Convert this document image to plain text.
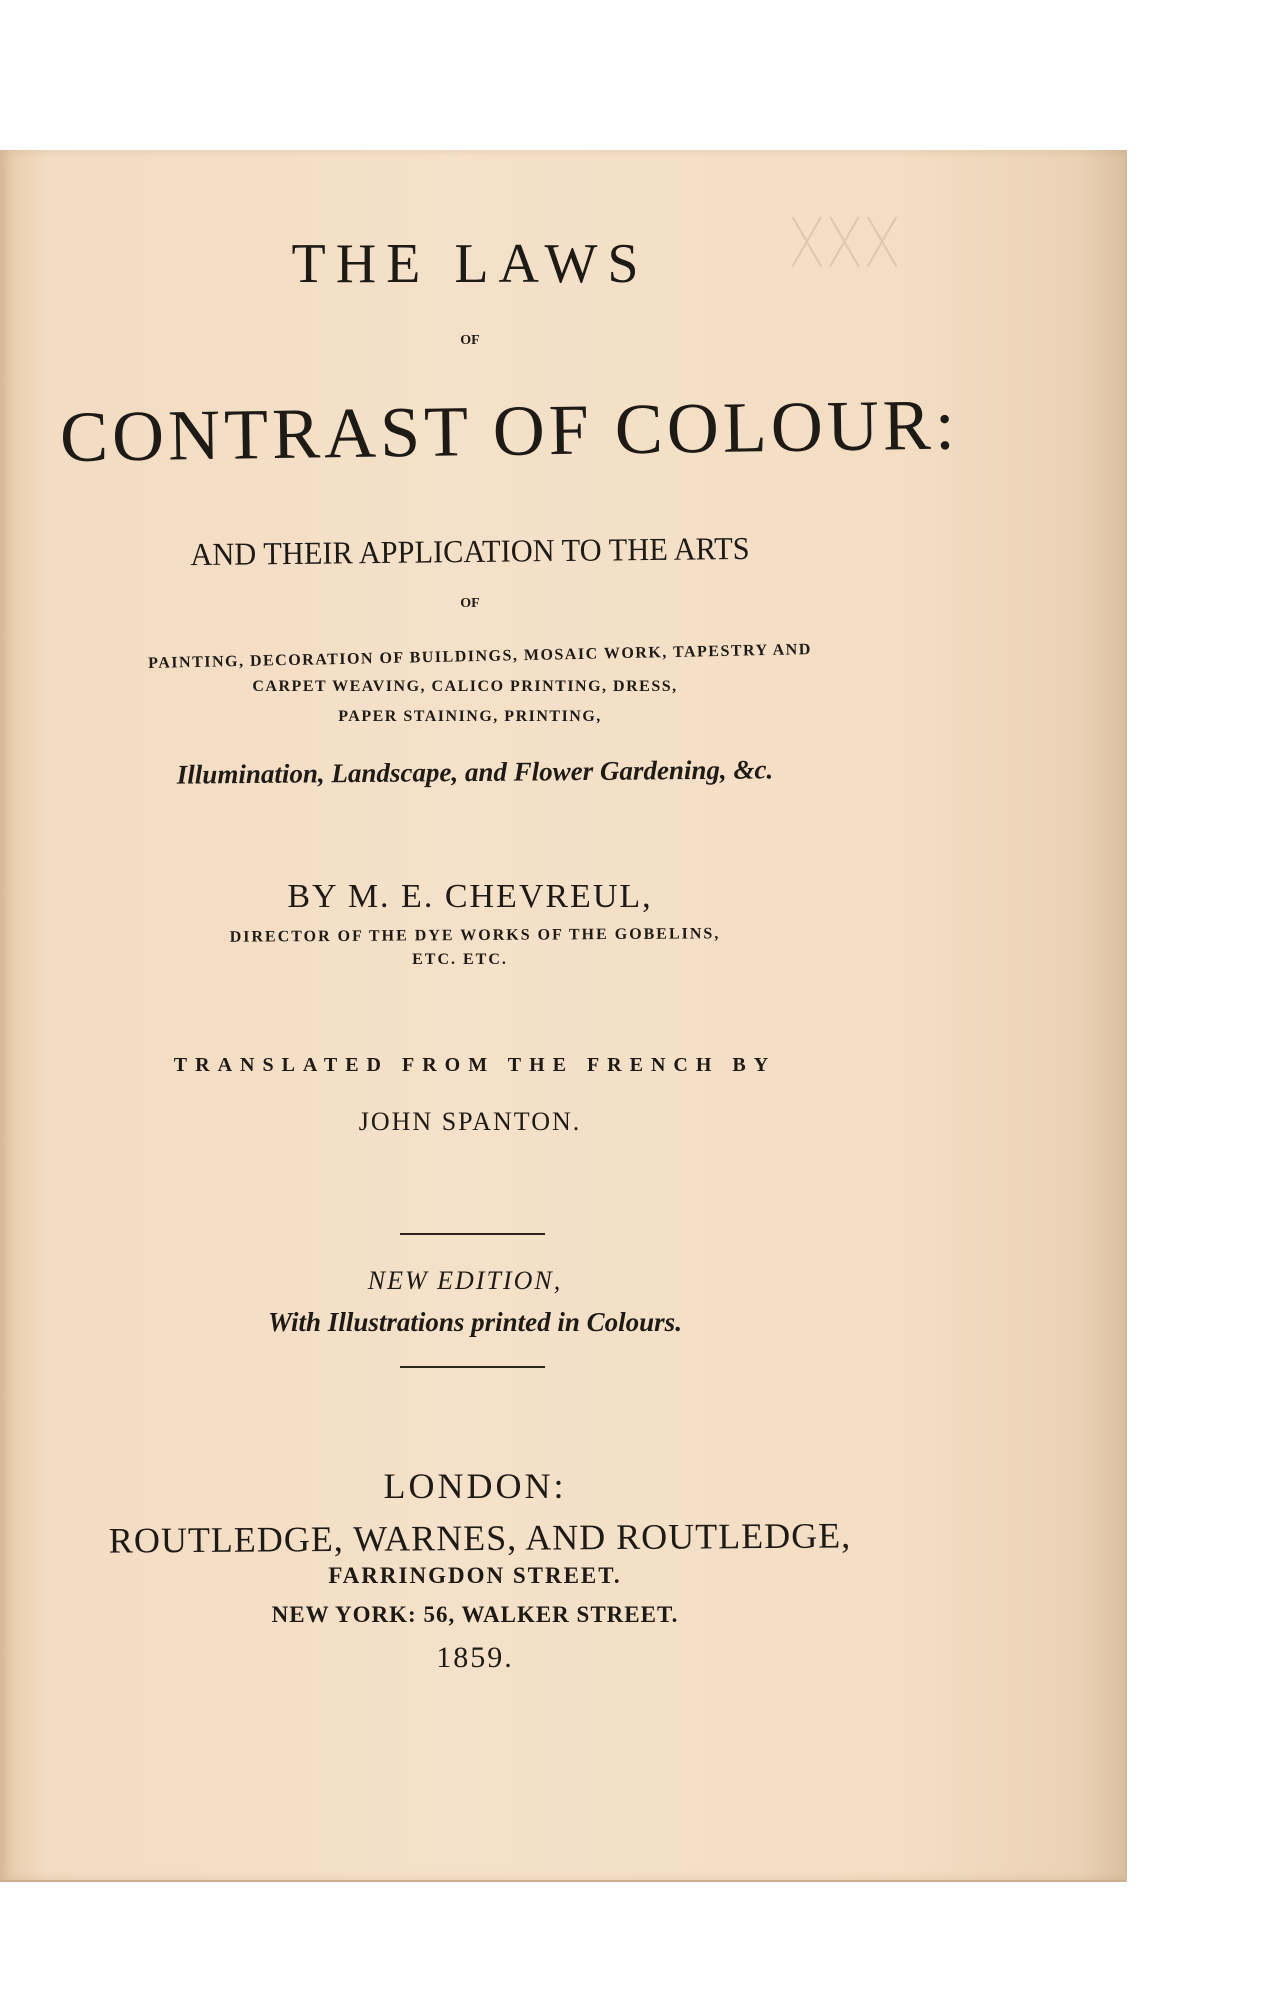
ᚷᚷᚷ
THE LAWS
OF
CONTRAST OF COLOUR:
AND THEIR APPLICATION TO THE ARTS
OF
PAINTING, DECORATION OF BUILDINGS, MOSAIC WORK, TAPESTRY AND
CARPET WEAVING, CALICO PRINTING, DRESS,
PAPER STAINING, PRINTING,
Illumination, Landscape, and Flower Gardening, &c.
BY M. E. CHEVREUL,
DIRECTOR OF THE DYE WORKS OF THE GOBELINS,
ETC. ETC.
TRANSLATED FROM THE FRENCH BY
JOHN SPANTON.
NEW EDITION,
With Illustrations printed in Colours.
LONDON:
ROUTLEDGE, WARNES, AND ROUTLEDGE,
FARRINGDON STREET.
NEW YORK: 56, WALKER STREET.
1859.
